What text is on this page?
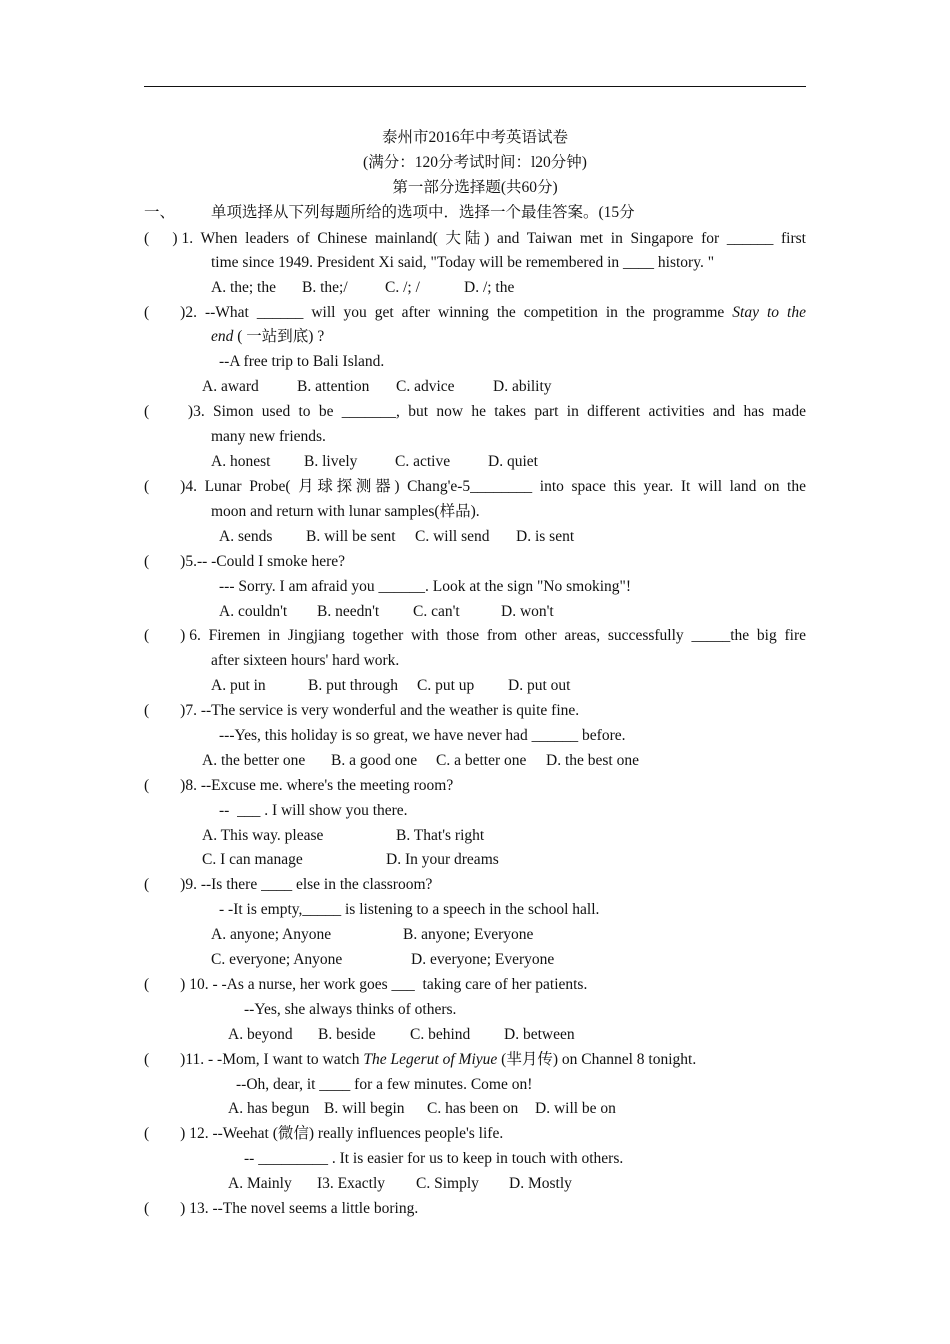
泰州市2016年中考英语试卷
(满分：120分考试时间：l20分钟)
第一部分选择题(共60分)
一、 单项选择从下列每题所给的选项中．选择一个最佳答案。(15分
(      ) 1. When leaders of Chinese mainland( 大陆) and Taiwan met in Singapore for ______ first
time since 1949. President Xi said, "Today will be remembered in ____ history. "
A. the; the	B. the;/	C. /; /	D. /; the
(        ) 2. --What ______ will you get after winning the competition in the programme Stay to the
end ( 一站到底) ?
--A free trip to Bali Island.
A. award	B. attention	C. advice	D. ability
(          ) 3. Simon used to be _______, but now he takes part in different activities and has made
many new friends.
A. honest	B. lively	C. active	D. quiet
(        ) 4. Lunar Probe( 月球探测器) Chang'e-5________ into space this year. It will land on the
moon and return with lunar samples(样品).
A. sends	B. will be sent	C. will send	D. is sent
(        )5.-- -Could I smoke here?
--- Sorry. I am afraid you ______. Look at the sign "No smoking"!
A. couldn't	B. needn't	C. can't	D. won't
(        ) 6. Firemen in Jingjiang together with those from other areas, successfully _____the big fire
after sixteen hours' hard work.
A. put in	B. put through	C. put up	D. put out
(        )7. --The service is very wonderful and the weather is quite fine.
---Yes, this holiday is so great, we have never had ______ before.
A. the better one	B. a good one	C. a better one	D. the best one
(        )8. --Excuse me. where's the meeting room?
--  ___ . I will show you there.
A. This way. please	B. That's right
C. I can manage	D. In your dreams
(        )9. --Is there ____ else in the classroom?
- -It is empty,_____ is listening to a speech in the school hall.
A. anyone; Anyone	B. anyone; Everyone
C. everyone; Anyone	D. everyone; Everyone
(        ) 10. - -As a nurse, her work goes ___  taking care of her patients.
--Yes, she always thinks of others.
A. beyond	B. beside	C. behind	D. between
(        )11. - -Mom, I want to watch The Legerut of Miyue (芈月传) on Channel 8 tonight.
--Oh, dear, it ____ for a few minutes. Come on!
A. has begun B. will begin	C. has been on	D. will be on
(        ) 12. --Weehat (微信) really influences people's life.
-- _________ . It is easier for us to keep in touch with others.
A. Mainly	I3. Exactly	C. Simply	D. Mostly
(        ) 13. --The novel seems a little boring.
